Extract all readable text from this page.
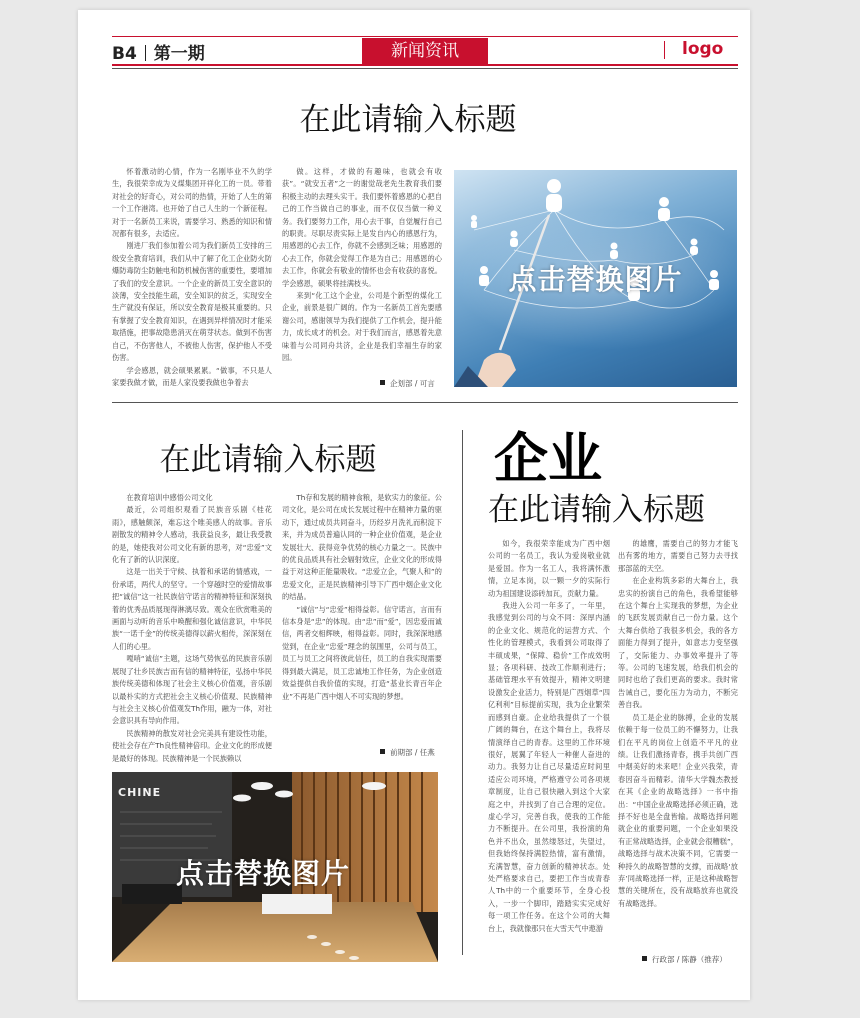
B4 第一期	新闻资讯	logo
在此请输入标题

怀着激动的心情，作为一名刚毕业不久的学生，我很荣幸成为义煤集团开祥化工的一员。带着对社会的好奇心，对公司的热情，开始了人生的第一个工作港湾。也开始了自己人生的一个新征程。对于一名新员工来说，需要学习、熟悉的知识和情况都有很多，去适应。

刚进厂我们参加着公司为我们新员工安排的三级安全教育培训，我们从中了解了化工企业防火防爆防毒防尘防触电和防机械伤害的重要性，要增加了我们的安全意识。一个企业的新员工安全意识的淡薄，安全技能生疏，安全知识的贫乏，实现安全生产就没有保证，所以安全教育是极其重要的。只有掌握了安全教育知识，在遇到异样情况时才能采取措施，把事故隐患消灭在萌芽状态。做到不伤害自己，不伤害他人，不被他人伤害，保护他人不受伤害。

学会感恩，就会硕果累累。“做事，不只是人家要我做才做，而是人家没要我做也争着去

做。这样，才做的有趣味，也就会有收获”。“就安五者”之一的谢觉哉老先生教育我们要积极主动的去理头实干。我们要怀着感恩的心把自己的工作当做自己的事业，而不仅仅当做一种义务。我们要努力工作，用心去干事，自觉履行自己的职责。尽职尽责实际上是发自内心的感恩行为，用感恩的心去工作，你就不会感到乏味；用感恩的心去工作，你就会觉得工作是为自己；用感恩的心去工作，你就会有敬业的情怀也会有收获的喜悦。学会感恩，硕果将挂满枝头。

来到“化工这个企业，公司是个新型的煤化工企业，前景是很广阔的。作为一名新员工首先要感谢公司，感谢领导为我们提供了工作机会，提升能力，成长成才的机会。对于我们而言，感恩着先意味着与公司同舟共济，企业是我们幸福生存的家园。

企划部 / 可言
点击替换图片
在此请输入标题

在教育培训中感悟公司文化

最近，公司组织观看了民族音乐剧《桂花雨》，感触颇深，难忘这个唯美感人的故事。音乐剧散发的精神令人感动，我获益良多，最让我受教的是，她使我对公司文化有新的思考，对“忠爱”文化有了新的认识深度。

这是一出关于守候、执着和承诺的情感戏，一份承诺，两代人的坚守。一个穿越时空的爱情故事把“诚信”这一社民族信守诺言的精神特征和深刻执着的优秀品质展现得淋漓尽致。观众在欣赏唯美的画面与动听的音乐中唤醒和强化诚信意识，中华民族“一诺千金”的传统美德得以薪火相传，深深刻在人们的心里。

嘎哨“诚信”主题，这场气势恢弘的民族音乐剧展现了壮乡民族吉而有信的精神特征，弘扬中华民族传统美德和体现了社会主义核心价值观，音乐剧以最朴实的方式把社会主义核心价值观、民族精神与社会主义核心价值观发Th作用，融为一体，对社会意识具有导向作用。

民族精神的散发对社会完美具有建设性功能，使社会存在产Th良性精神倍印。企业文化的形成便是最好的体现。民族精神是一个民族赖以

Th存和发展的精神食粮，是软实力的象征。公司文化，是公司在成长发展过程中在精神力量的驱动下，通过成员共同奋斗，历经岁月洗礼而积淀下来，并为成员普遍认同的一种企业价值观，是企业发展壮大、获得竞争优势的核心力量之一。民族中的优良品质具有社会辐射效应，企业文化的形成得益于对这种正能量吸收。“忠爱立企，气聚人和”的忠爱文化，正是民族精神引导下广西中烟企业文化的结晶。

“诚信”与“忠爱”相得益彰。信守诺言，言而有信本身是“忠”的体现。由“忠”而“爱”，因忠爱而诚信，两者交相辉映，相得益彰。同时，我深深地感觉到，在企业“忠爱”理念的氛围里，公司与员工，员工与员工之间将彼此信任，员工的自我实现需要得到最大满足，员工忠诚地工作任务，为企业创造效益提供自我价值的实现，打造“基业长青百年企业”不再是广西中烟人不可实现的梦想。

前期部 / 任燕
CHINE
点击替换图片
企业
在此请输入标题

如今，我很荣幸能成为广西中烟公司的一名员工，我认为爱岗敬业就是爱国。作为一名工人，我将满怀激情，立足本岗，以一颗一夕的实际行动为祖国建设添砖加瓦，贡献力量。

我进入公司一年多了，一年里，我感觉到公司的与众不同：深厚内涵的企业文化、规范化的运营方式、个性化的管理模式，我看到公司取得了丰硕成果，“保障、稳价”工作成效明显；各项科研、技改工作顺利进行；基础管理水平有效提升，精神文明建设激发企业活力，特别是广西烟草“四亿利利”目标提前实现，我为企业繁荣而感到自豪。企业给我提供了一个很广阔的舞台，在这个舞台上，我将尽情演绎自己的青春。这里的工作环境很好，展翼了年轻人一种催人奋进的动力。我努力让自己尽量适应时间里适应公司环境，严格遵守公司各项规章制度，让自己很快融入到这个大家庭之中，并找到了自己合理的定位。虚心学习，完善自我，使我的工作能力不断提升。在公司里，我扮演的角色并不出众，虽然缕怒过，失望过，但我始终保持满腔热情，富有激情，充满智慧，奋力创新的精神状态。处处严格要求自己，要把工作当成青春人Th中的一个重要环节，全身心投入，一步一个脚印，踏踏实实完成好每一项工作任务。在这个公司的大舞台上，我就像那只在大雪天气中遨游

的雄鹰，需要自己的努力才能飞出有雾的地方，需要自己努力去寻找那部蓝的天空。

在企业构筑多彩的大舞台上，我忠实的扮演自己的角色，我希望能够在这个舞台上实现我的梦想，为企业的飞跃发展贡献自己一份力量。这个大舞台供给了我很多机会，我的各方面能力得到了提升，如意志力变坚强了，交际能力、办事效率提升了等等。公司的飞速发展，给我们机会的同时也给了我们更高的要求。我时常告诫自己，要化压力为动力，不断完善自我。

员工是企业的脉搏，企业的发展依赖于每一位员工的不懈努力，让我们在平凡的岗位上创造不平凡的业绩。让我们激扬青春，携手共创广西中烟美好的未来吧！企业兴我荣，青春因奋斗而精彩。清华大学魏杰教授在其《企业的战略选择》一书中指出：“中国企业战略选择必须正确，选择不好也是全盘皆输。战略选择问题就企业的重要问题，一个企业如果没有正常战略选择，企业就会很糟糕”，战略选择与战术决策不同，它需要一种持久的战略智慧的支撑，而战略‘放弃’同战略选择一样，正是这种战略智慧的关键所在，没有战略放弃也就没有战略选择。

行政部 / 陈静（推荐）
